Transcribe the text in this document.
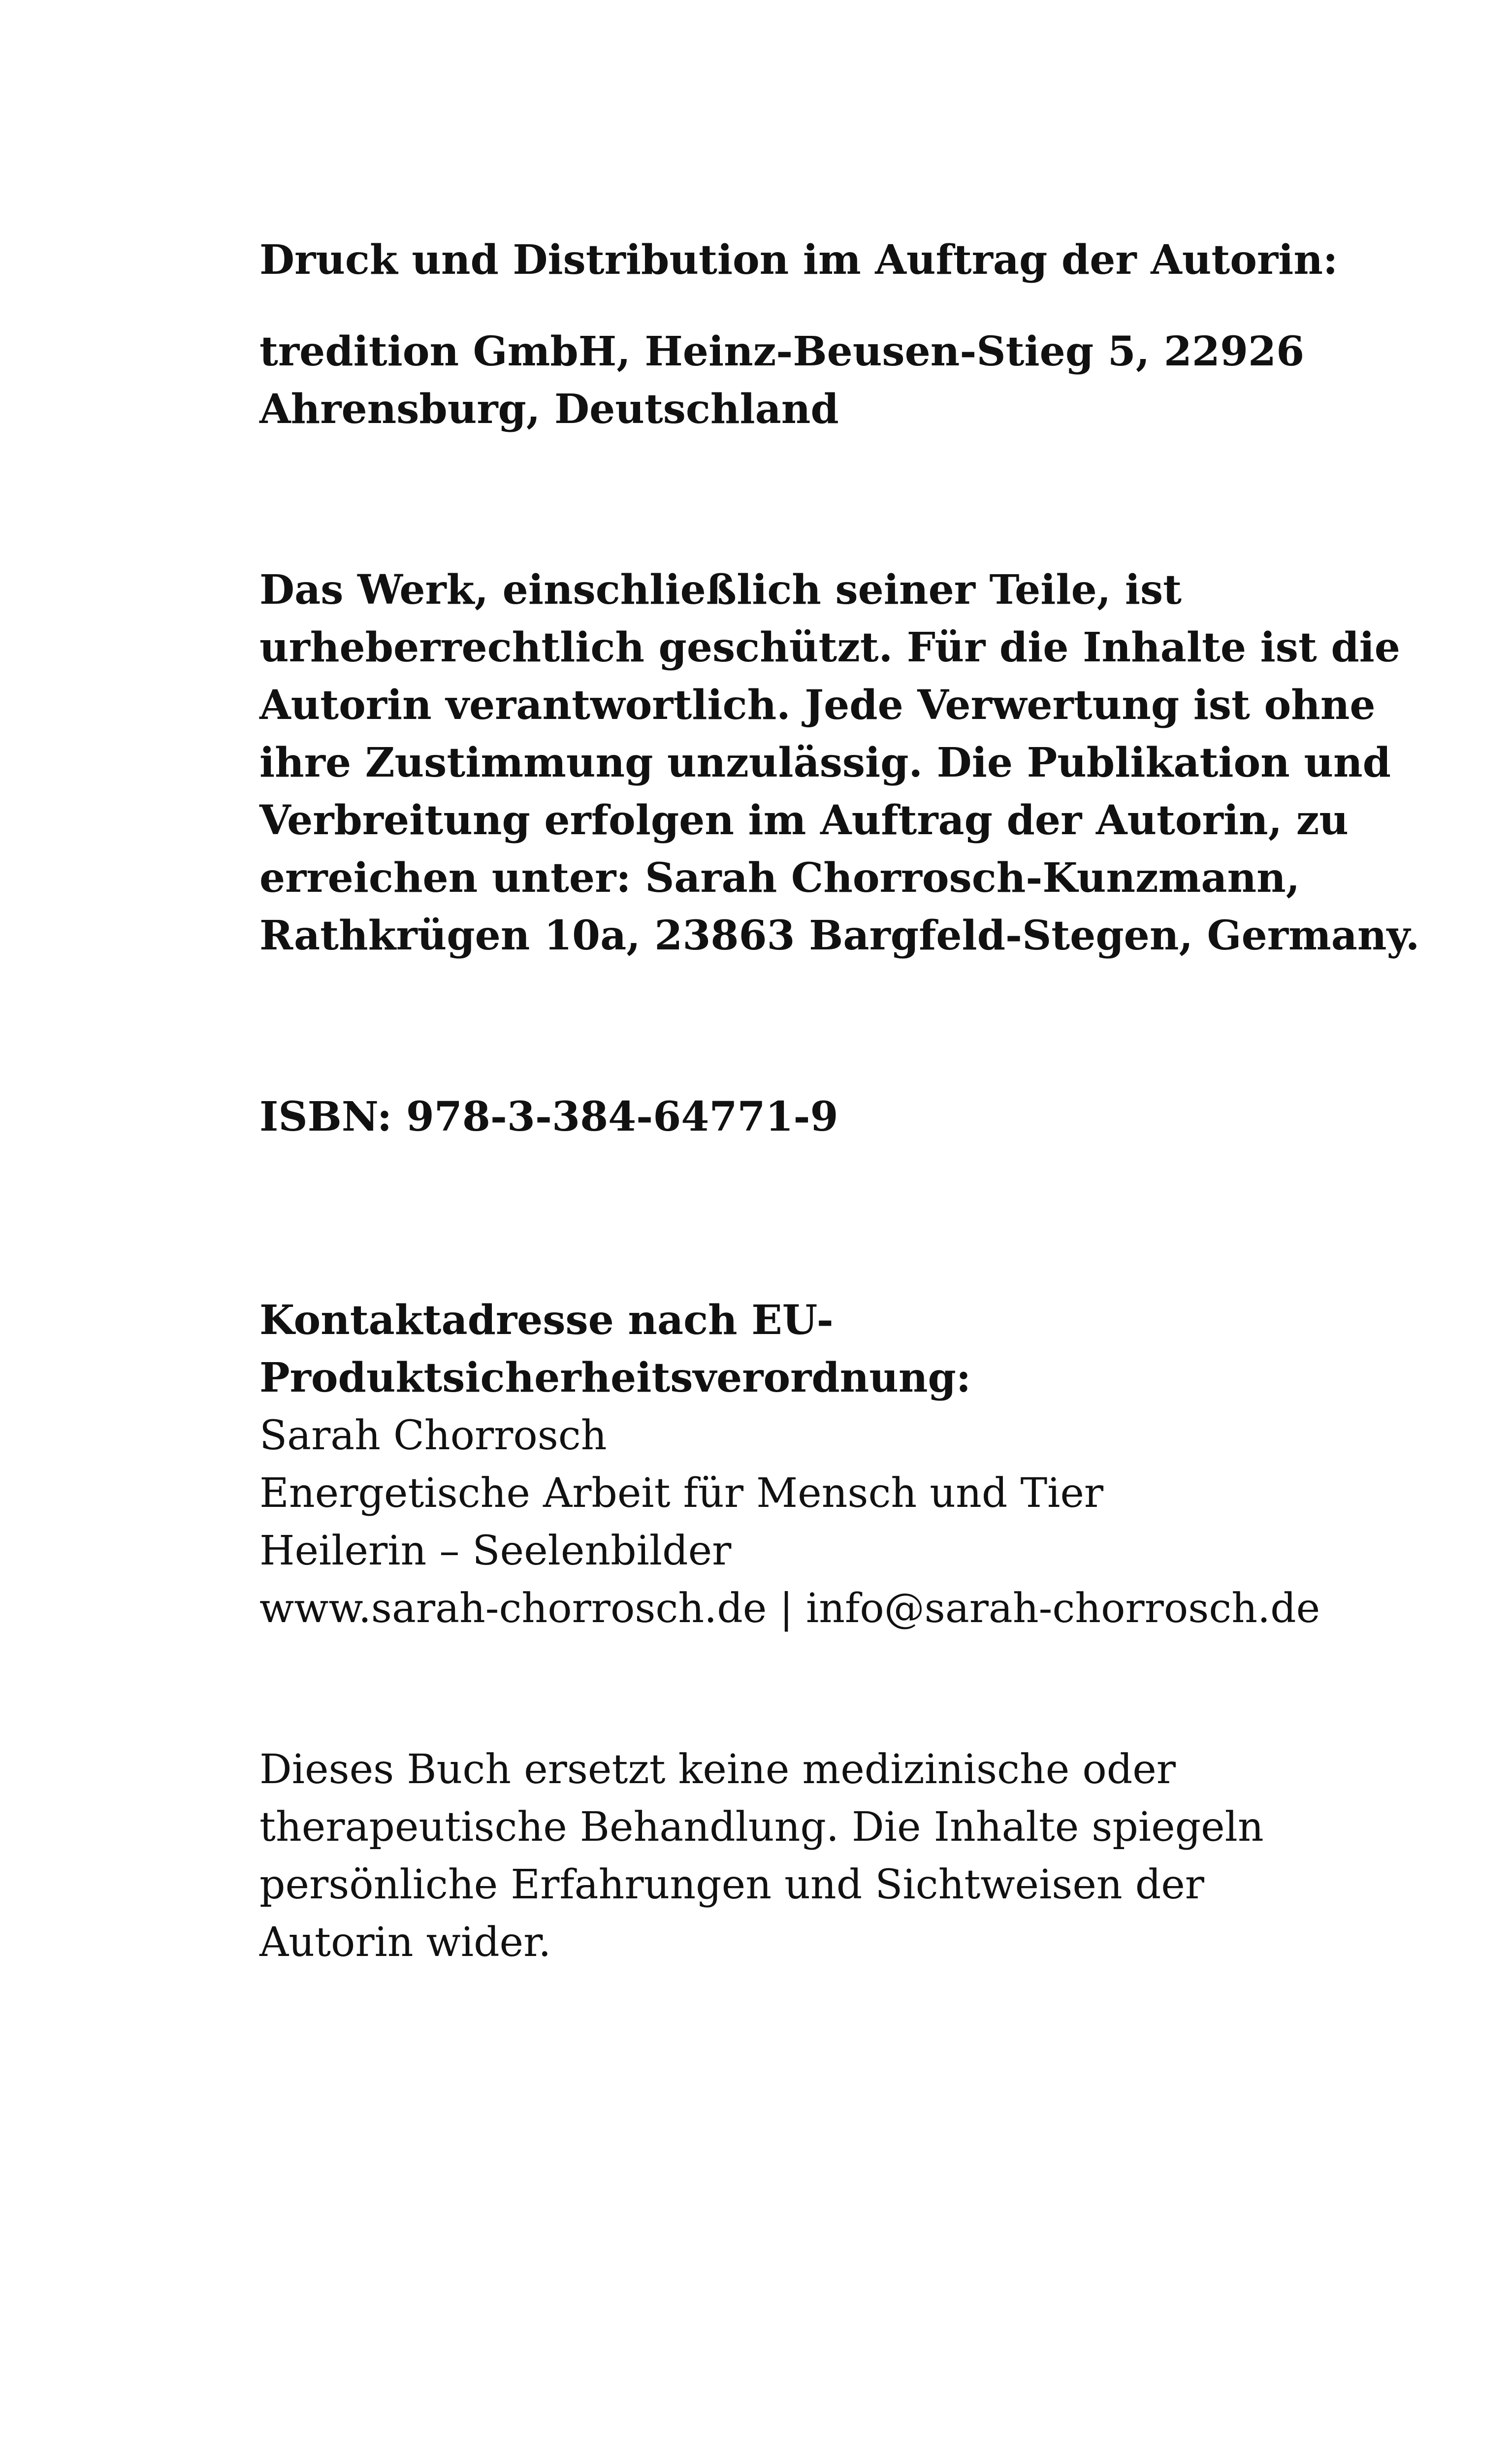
Druck und Distribution im Auftrag der Autorin:

tredition GmbH, Heinz-Beusen-Stieg 5, 22926
Ahrensburg, Deutschland

Das Werk, einschließlich seiner Teile, ist
urheberrechtlich geschützt. Für die Inhalte ist die
Autorin verantwortlich. Jede Verwertung ist ohne
ihre Zustimmung unzulässig. Die Publikation und
Verbreitung erfolgen im Auftrag der Autorin, zu
erreichen unter: Sarah Chorrosch-Kunzmann,
Rathkrügen 10a, 23863 Bargfeld-Stegen, Germany.

ISBN: 978-3-384-64771-9

Kontaktadresse nach EU-
Produktsicherheitsverordnung:
Sarah Chorrosch
Energetische Arbeit für Mensch und Tier
Heilerin – Seelenbilder
www.sarah-chorrosch.de | info@sarah-chorrosch.de

Dieses Buch ersetzt keine medizinische oder
therapeutische Behandlung. Die Inhalte spiegeln
persönliche Erfahrungen und Sichtweisen der
Autorin wider.
